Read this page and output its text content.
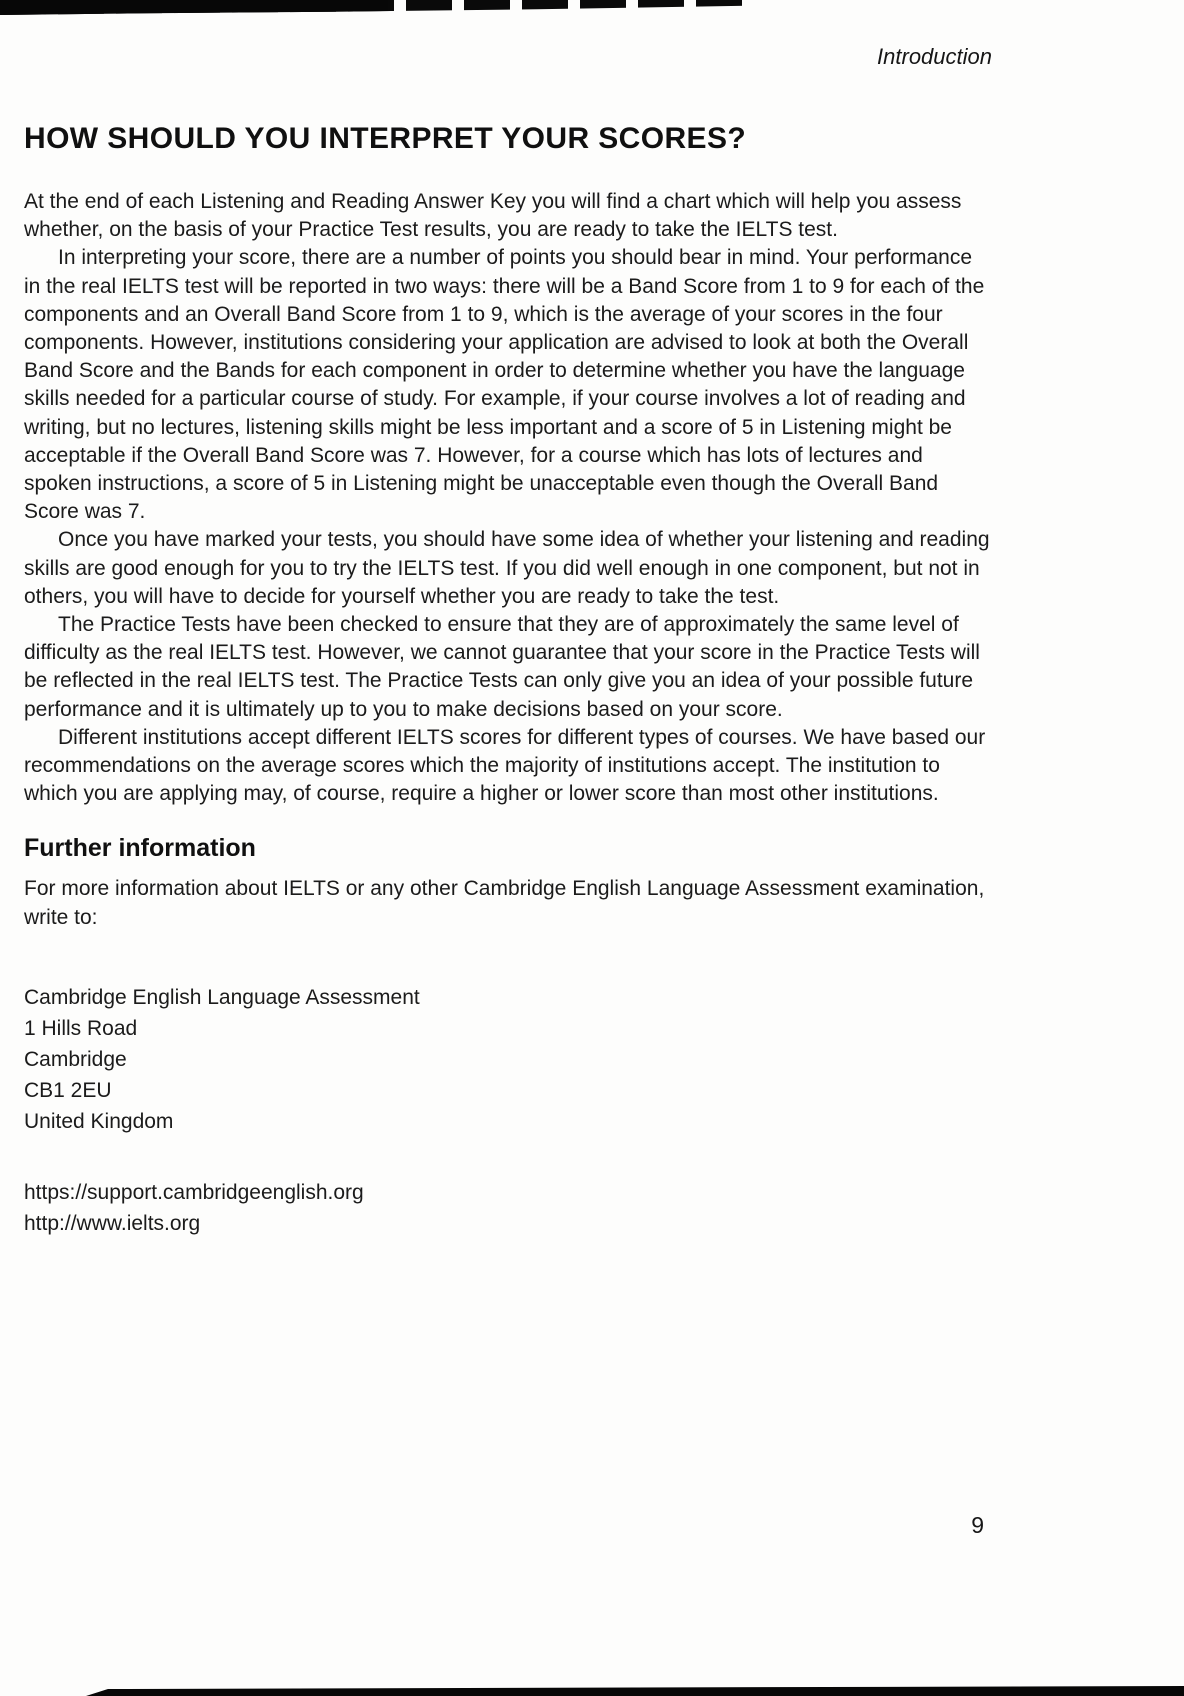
Introduction
HOW SHOULD YOU INTERPRET YOUR SCORES?

At the end of each Listening and Reading Answer Key you will find a chart which will help you assess whether, on the basis of your Practice Test results, you are ready to take the IELTS test.

In interpreting your score, there are a number of points you should bear in mind. Your performance in the real IELTS test will be reported in two ways: there will be a Band Score from 1 to 9 for each of the components and an Overall Band Score from 1 to 9, which is the average of your scores in the four components. However, institutions considering your application are advised to look at both the Overall Band Score and the Bands for each component in order to determine whether you have the language skills needed for a particular course of study. For example, if your course involves a lot of reading and writing, but no lectures, listening skills might be less important and a score of 5 in Listening might be acceptable if the Overall Band Score was 7. However, for a course which has lots of lectures and spoken instructions, a score of 5 in Listening might be unacceptable even though the Overall Band Score was 7.

Once you have marked your tests, you should have some idea of whether your listening and reading skills are good enough for you to try the IELTS test. If you did well enough in one component, but not in others, you will have to decide for yourself whether you are ready to take the test.

The Practice Tests have been checked to ensure that they are of approximately the same level of difficulty as the real IELTS test. However, we cannot guarantee that your score in the Practice Tests will be reflected in the real IELTS test. The Practice Tests can only give you an idea of your possible future performance and it is ultimately up to you to make decisions based on your score.

Different institutions accept different IELTS scores for different types of courses. We have based our recommendations on the average scores which the majority of institutions accept. The institution to which you are applying may, of course, require a higher or lower score than most other institutions.

Further information

For more information about IELTS or any other Cambridge English Language Assessment examination, write to:

Cambridge English Language Assessment
1 Hills Road
Cambridge
CB1 2EU
United Kingdom
https://support.cambridgeenglish.org
http://www.ielts.org
9
